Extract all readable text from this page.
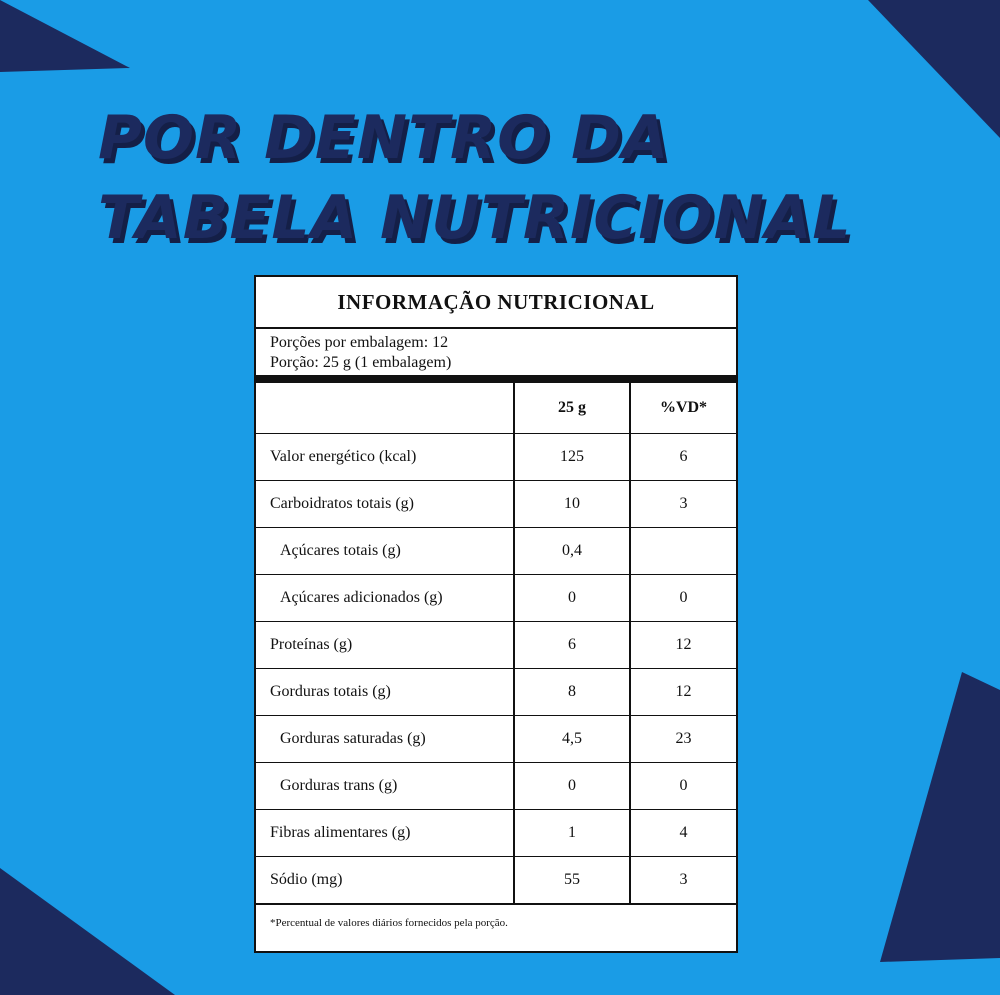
POR DENTRO DA
TABELA NUTRICIONAL
INFORMAÇÃO NUTRICIONAL
Porções por embalagem: 12
Porção: 25 g (1 embalagem)
	25 g	%VD*
Valor energético (kcal)	125	6
Carboidratos totais (g)	10	3
Açúcares totais (g)	0,4	
Açúcares adicionados (g)	0	0
Proteínas (g)	6	12
Gorduras totais (g)	8	12
Gorduras saturadas (g)	4,5	23
Gorduras trans (g)	0	0
Fibras alimentares (g)	1	4
Sódio (mg)	55	3
*Percentual de valores diários fornecidos pela porção.
